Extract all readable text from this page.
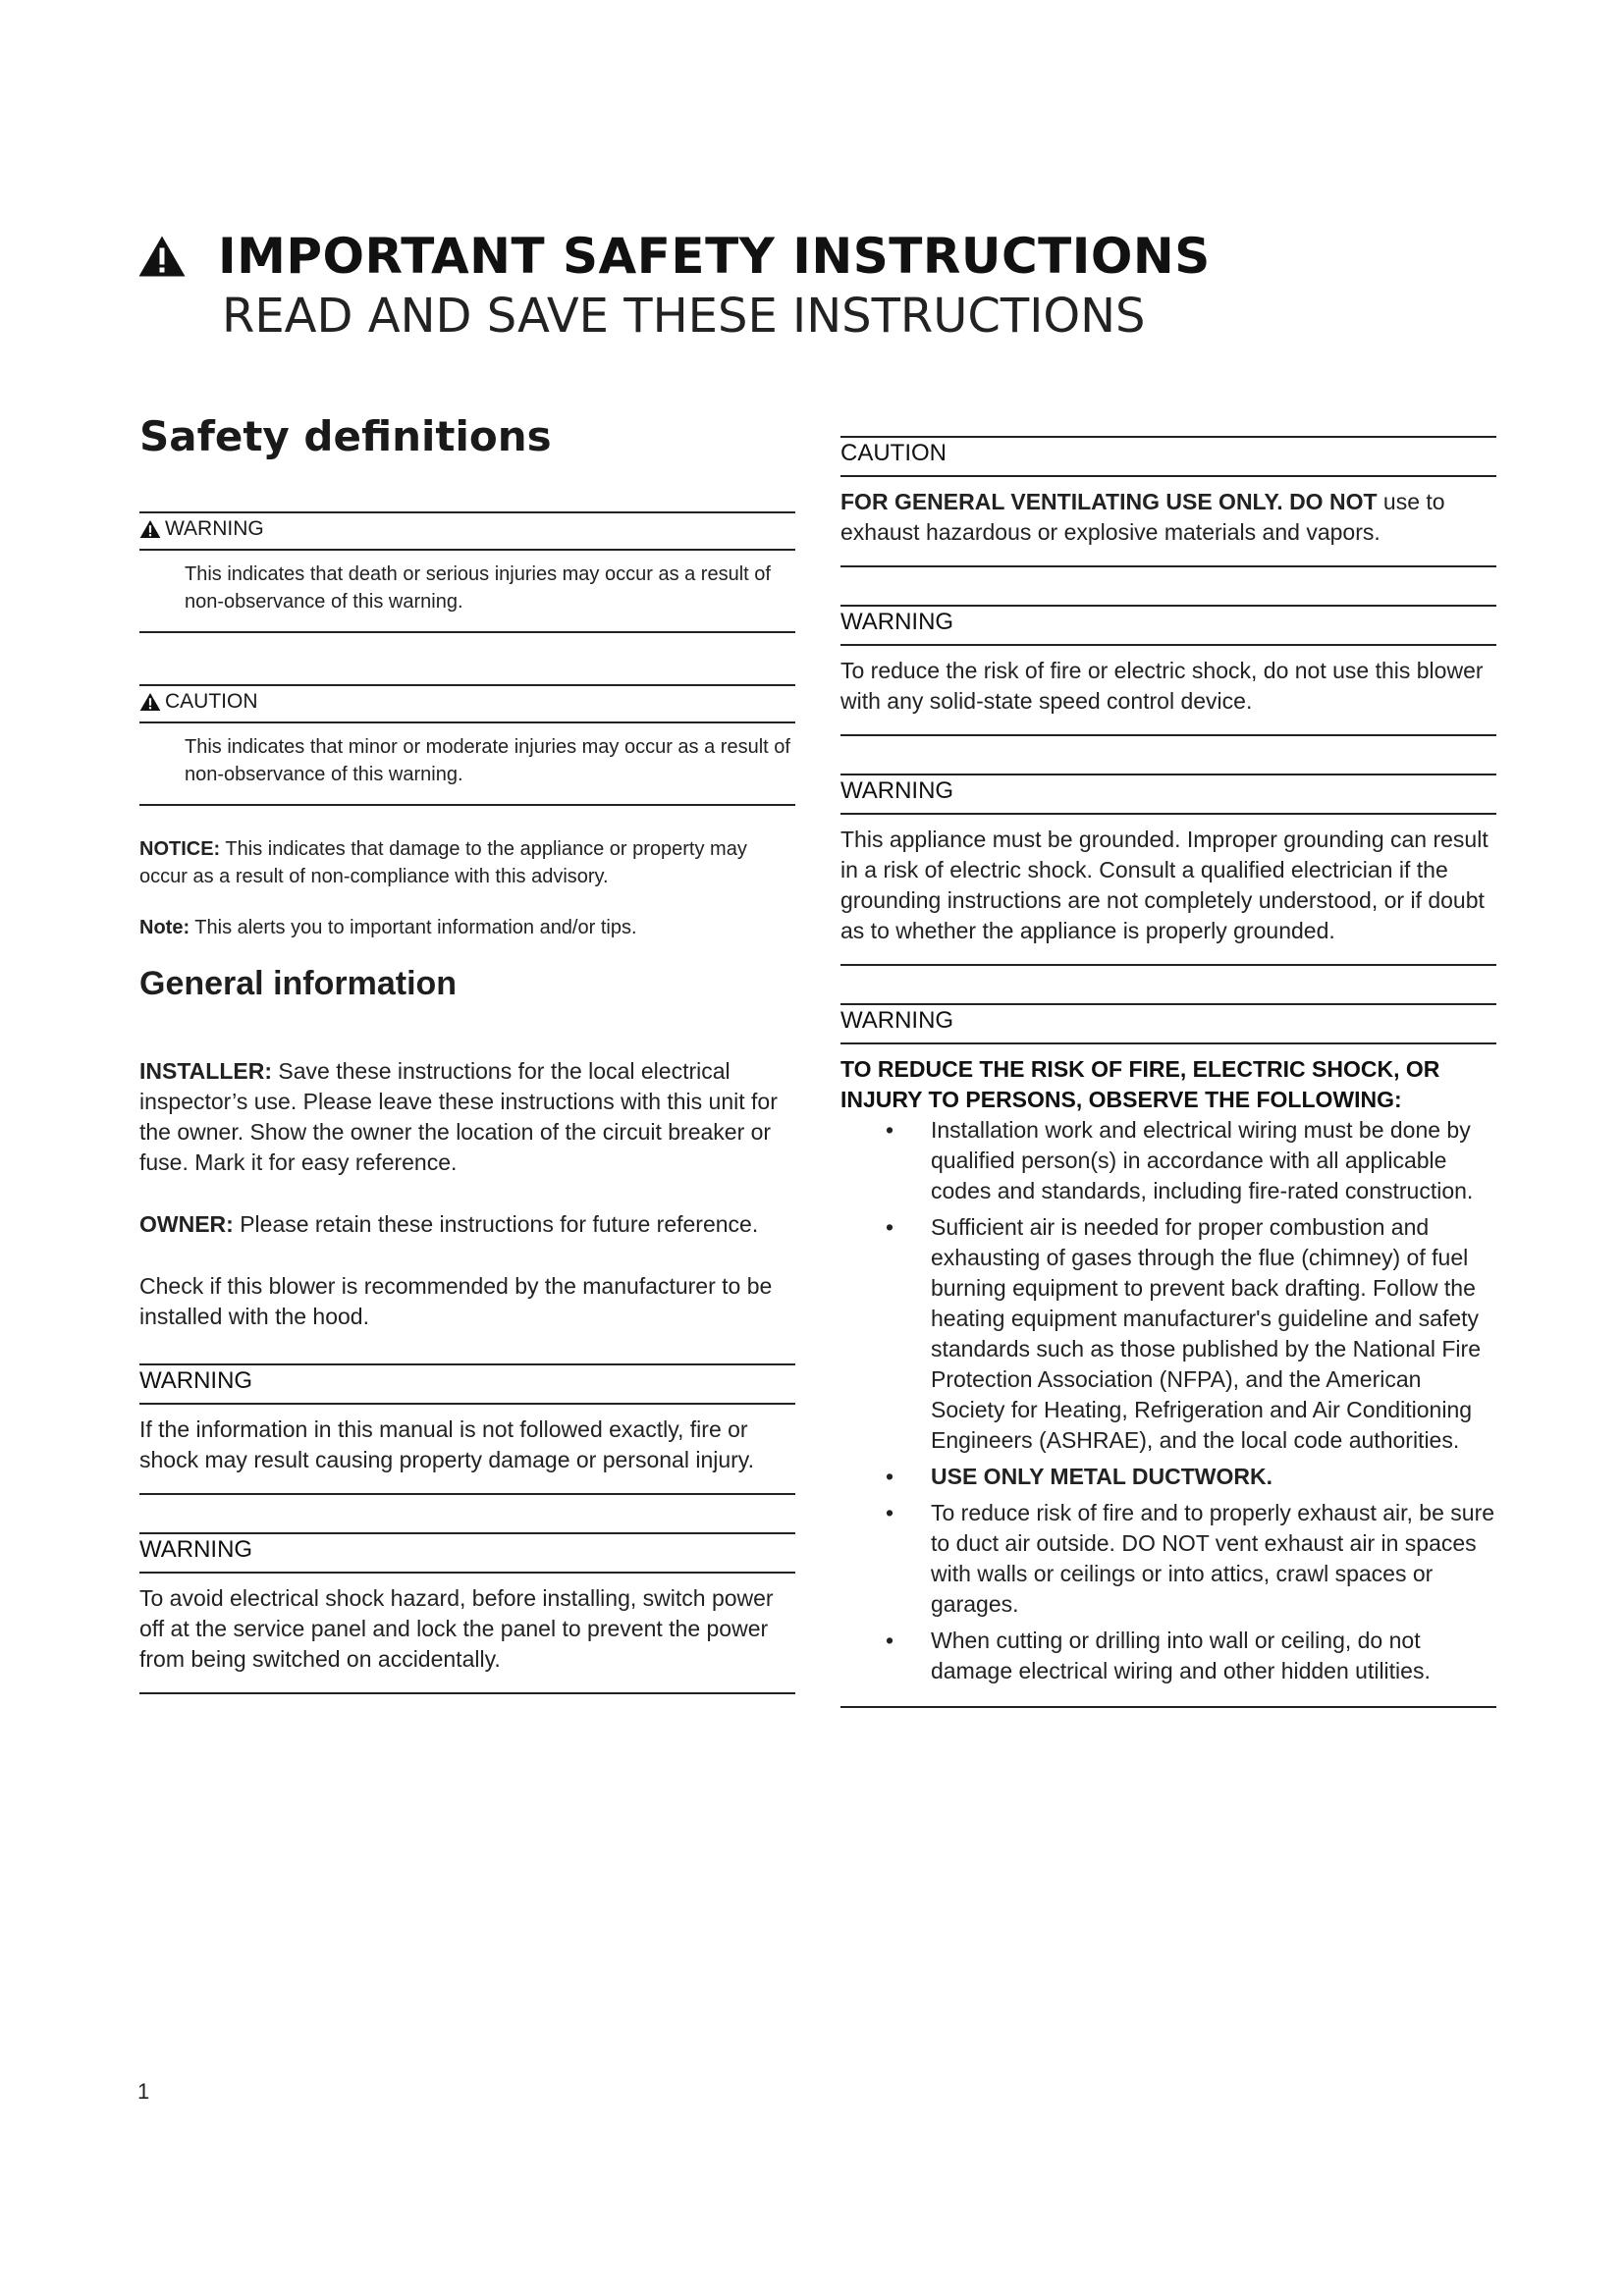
IMPORTANT SAFETY INSTRUCTIONS
READ AND SAVE THESE INSTRUCTIONS
Safety definitions
WARNING
This indicates that death or serious injuries may occur as a result of non-observance of this warning.
CAUTION
This indicates that minor or moderate injuries may occur as a result of non-observance of this warning.

NOTICE: This indicates that damage to the appliance or property may occur as a result of non-compliance with this advisory.

Note: This alerts you to important information and/or tips.

General information

INSTALLER: Save these instructions for the local electrical inspector’s use. Please leave these instructions with this unit for the owner. Show the owner the location of the circuit breaker or fuse. Mark it for easy reference.

OWNER: Please retain these instructions for future reference.

Check if this blower is recommended by the manufacturer to be installed with the hood.

WARNING
If the information in this manual is not followed exactly, fire or shock may result causing property damage or personal injury.
WARNING
To avoid electrical shock hazard, before installing, switch power off at the service panel and lock the panel to prevent the power from being switched on accidentally.
CAUTION
FOR GENERAL VENTILATING USE ONLY. DO NOT use to exhaust hazardous or explosive materials and vapors.
WARNING
To reduce the risk of fire or electric shock, do not use this blower with any solid-state speed control device.
WARNING
This appliance must be grounded. Improper grounding can result in a risk of electric shock. Consult a qualified electrician if the grounding instructions are not completely understood, or if doubt as to whether the appliance is properly grounded.
WARNING
TO REDUCE THE RISK OF FIRE, ELECTRIC SHOCK, OR INJURY TO PERSONS, OBSERVE THE FOLLOWING:
• Installation work and electrical wiring must be done by qualified person(s) in accordance with all applicable codes and standards, including fire-rated construction.
• Sufficient air is needed for proper combustion and exhausting of gases through the flue (chimney) of fuel burning equipment to prevent back drafting. Follow the heating equipment manufacturer's guideline and safety standards such as those published by the National Fire Protection Association (NFPA), and the American Society for Heating, Refrigeration and Air Conditioning Engineers (ASHRAE), and the local code authorities.
• USE ONLY METAL DUCTWORK.
• To reduce risk of fire and to properly exhaust air, be sure to duct air outside. DO NOT vent exhaust air in spaces with walls or ceilings or into attics, crawl spaces or garages.
• When cutting or drilling into wall or ceiling, do not damage electrical wiring and other hidden utilities.
1
